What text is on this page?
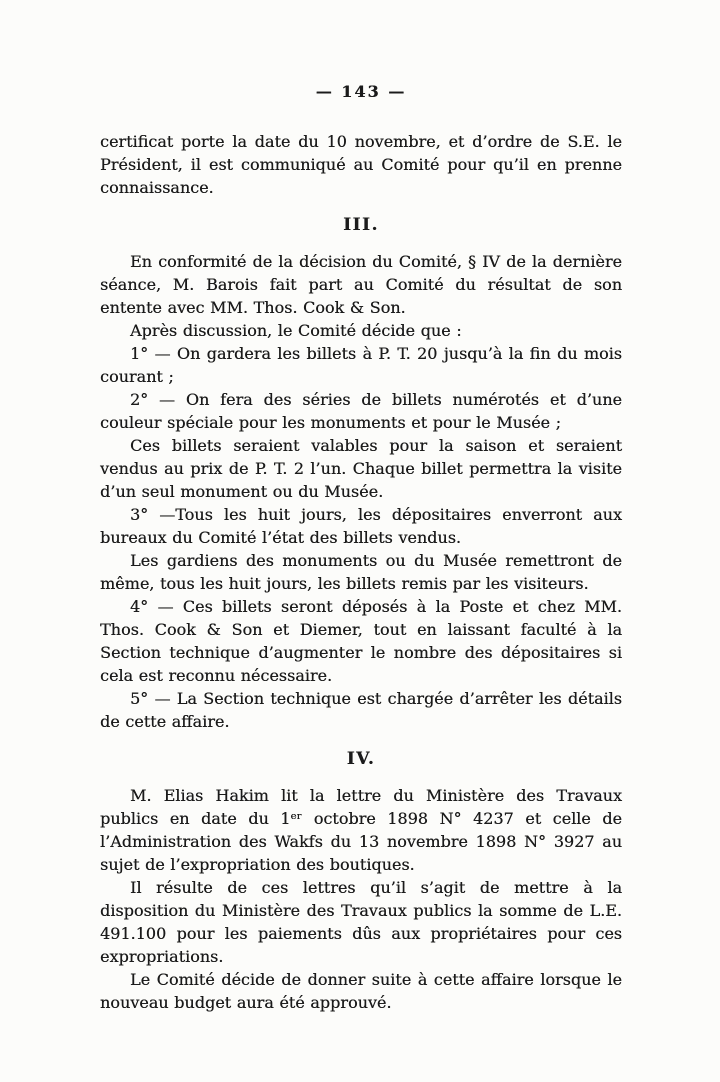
— 143 —

certificat porte la date du 10 novembre, et d’ordre de S.E. le Président, il est communiqué au Comité pour qu’il en prenne connaissance.

III.

En conformité de la décision du Comité, § IV de la dernière séance, M. Barois fait part au Comité du résultat de son entente avec MM. Thos. Cook & Son.

Après discussion, le Comité décide que :

1° — On gardera les billets à P. T. 20 jusqu’à la fin du mois courant ;

2° — On fera des séries de billets numérotés et d’une couleur spéciale pour les monuments et pour le Musée ;

Ces billets seraient valables pour la saison et seraient vendus au prix de P. T. 2 l’un. Chaque billet permettra la visite d’un seul monument ou du Musée.

3° —Tous les huit jours, les dépositaires enverront aux bureaux du Comité l’état des billets vendus.

Les gardiens des monuments ou du Musée remettront de même, tous les huit jours, les billets remis par les visiteurs.

4° — Ces billets seront déposés à la Poste et chez MM. Thos. Cook & Son et Diemer, tout en laissant faculté à la Section technique d’augmenter le nombre des dépositaires si cela est reconnu nécessaire.

5° — La Section technique est chargée d’arrêter les détails de cette affaire.

IV.

M. Elias Hakim lit la lettre du Ministère des Travaux publics en date du 1ᵉʳ octobre 1898 N° 4237 et celle de l’Administration des Wakfs du 13 novembre 1898 N° 3927 au sujet de l’expropriation des boutiques.

Il résulte de ces lettres qu’il s’agit de mettre à la disposition du Ministère des Travaux publics la somme de L.E. 491.100 pour les paiements dûs aux propriétaires pour ces expropriations.

Le Comité décide de donner suite à cette affaire lorsque le nouveau budget aura été approuvé.
